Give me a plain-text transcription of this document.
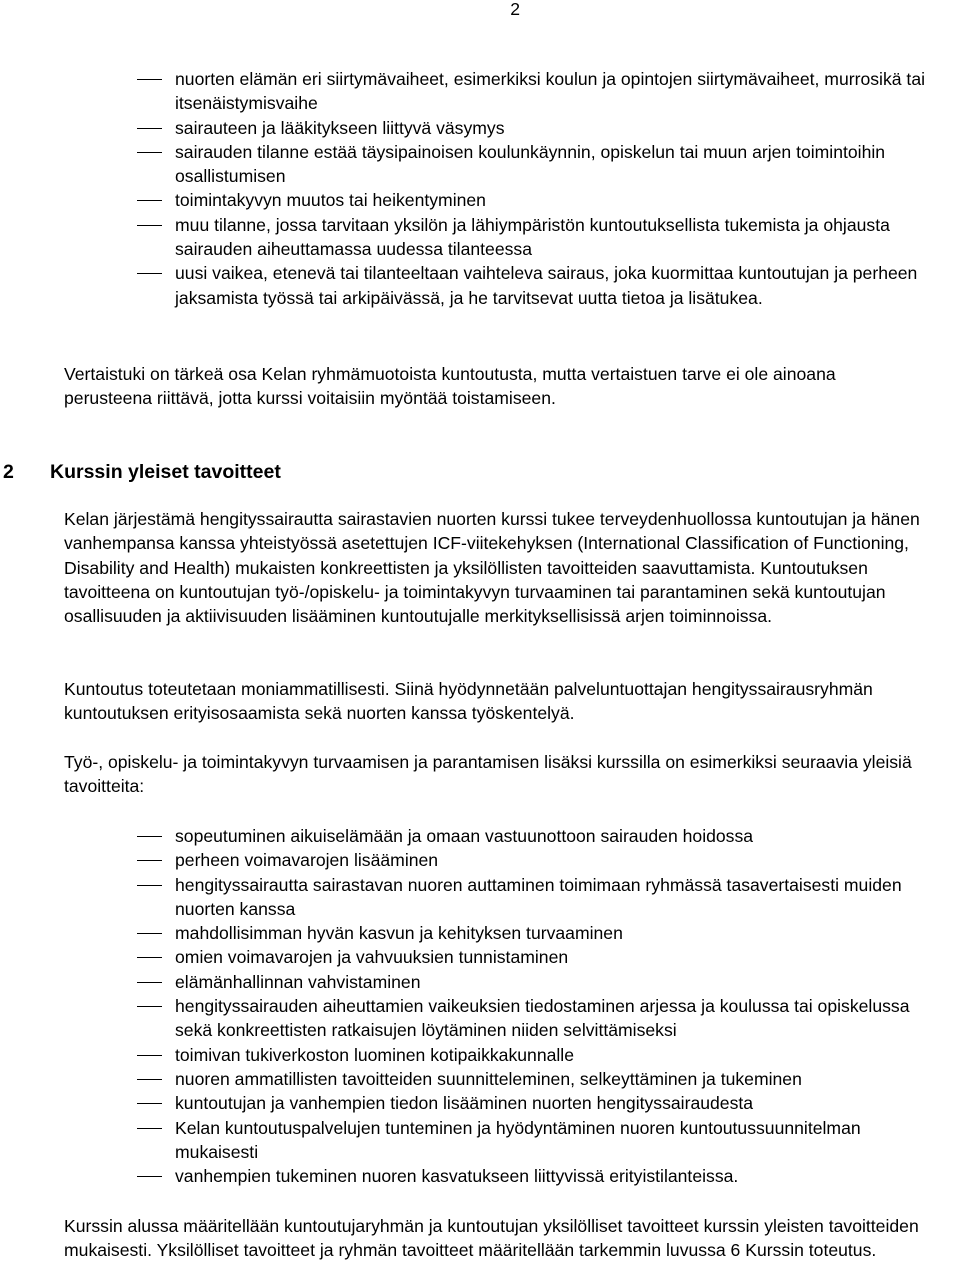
2
nuorten elämän eri siirtymävaiheet, esimerkiksi koulun ja opintojen siirtymävaiheet, murrosikä tai itsenäistymisvaihe
sairauteen ja lääkitykseen liittyvä väsymys
sairauden tilanne estää täysipainoisen koulunkäynnin, opiskelun tai muun arjen toimintoihin osallistumisen
toimintakyvyn muutos tai heikentyminen
muu tilanne, jossa tarvitaan yksilön ja lähiympäristön kuntoutuksellista tukemista ja ohjausta sairauden aiheuttamassa uudessa tilanteessa
uusi vaikea, etenevä tai tilanteeltaan vaihteleva sairaus, joka kuormittaa kuntoutujan ja perheen jaksamista työssä tai arkipäivässä, ja he tarvitsevat uutta tietoa ja lisätukea.

Vertaistuki on tärkeä osa Kelan ryhmämuotoista kuntoutusta, mutta vertaistuen tarve ei ole ainoana perusteena riittävä, jotta kurssi voitaisiin myöntää toistamiseen.

2 Kurssin yleiset tavoitteet

Kelan järjestämä hengityssairautta sairastavien nuorten kurssi tukee terveydenhuollossa kuntoutujan ja hänen vanhempansa kanssa yhteistyössä asetettujen ICF-viitekehyksen (International Classification of Functioning, Disability and Health) mukaisten konkreettisten ja yksilöllisten tavoitteiden saavuttamista. Kuntoutuksen tavoitteena on kuntoutujan työ-/opiskelu- ja toimintakyvyn turvaaminen tai parantaminen sekä kuntoutujan osallisuuden ja aktiivisuuden lisääminen kuntoutujalle merkityksellisissä arjen toiminnoissa.

Kuntoutus toteutetaan moniammatillisesti. Siinä hyödynnetään palveluntuottajan hengityssairausryhmän kuntoutuksen erityisosaamista sekä nuorten kanssa työskentelyä.

Työ-, opiskelu- ja toimintakyvyn turvaamisen ja parantamisen lisäksi kurssilla on esimerkiksi seuraavia yleisiä tavoitteita:

sopeutuminen aikuiselämään ja omaan vastuunottoon sairauden hoidossa
perheen voimavarojen lisääminen
hengityssairautta sairastavan nuoren auttaminen toimimaan ryhmässä tasavertaisesti muiden nuorten kanssa
mahdollisimman hyvän kasvun ja kehityksen turvaaminen
omien voimavarojen ja vahvuuksien tunnistaminen
elämänhallinnan vahvistaminen
hengityssairauden aiheuttamien vaikeuksien tiedostaminen arjessa ja koulussa tai opiskelussa sekä konkreettisten ratkaisujen löytäminen niiden selvittämiseksi
toimivan tukiverkoston luominen kotipaikkakunnalle
nuoren ammatillisten tavoitteiden suunnitteleminen, selkeyttäminen ja tukeminen
kuntoutujan ja vanhempien tiedon lisääminen nuorten hengityssairaudesta
Kelan kuntoutuspalvelujen tunteminen ja hyödyntäminen nuoren kuntoutussuunnitelman mukaisesti
vanhempien tukeminen nuoren kasvatukseen liittyvissä erityistilanteissa.

Kurssin alussa määritellään kuntoutujaryhmän ja kuntoutujan yksilölliset tavoitteet kurssin yleisten tavoitteiden mukaisesti. Yksilölliset tavoitteet ja ryhmän tavoitteet määritellään tarkemmin luvussa 6 Kurssin toteutus.
